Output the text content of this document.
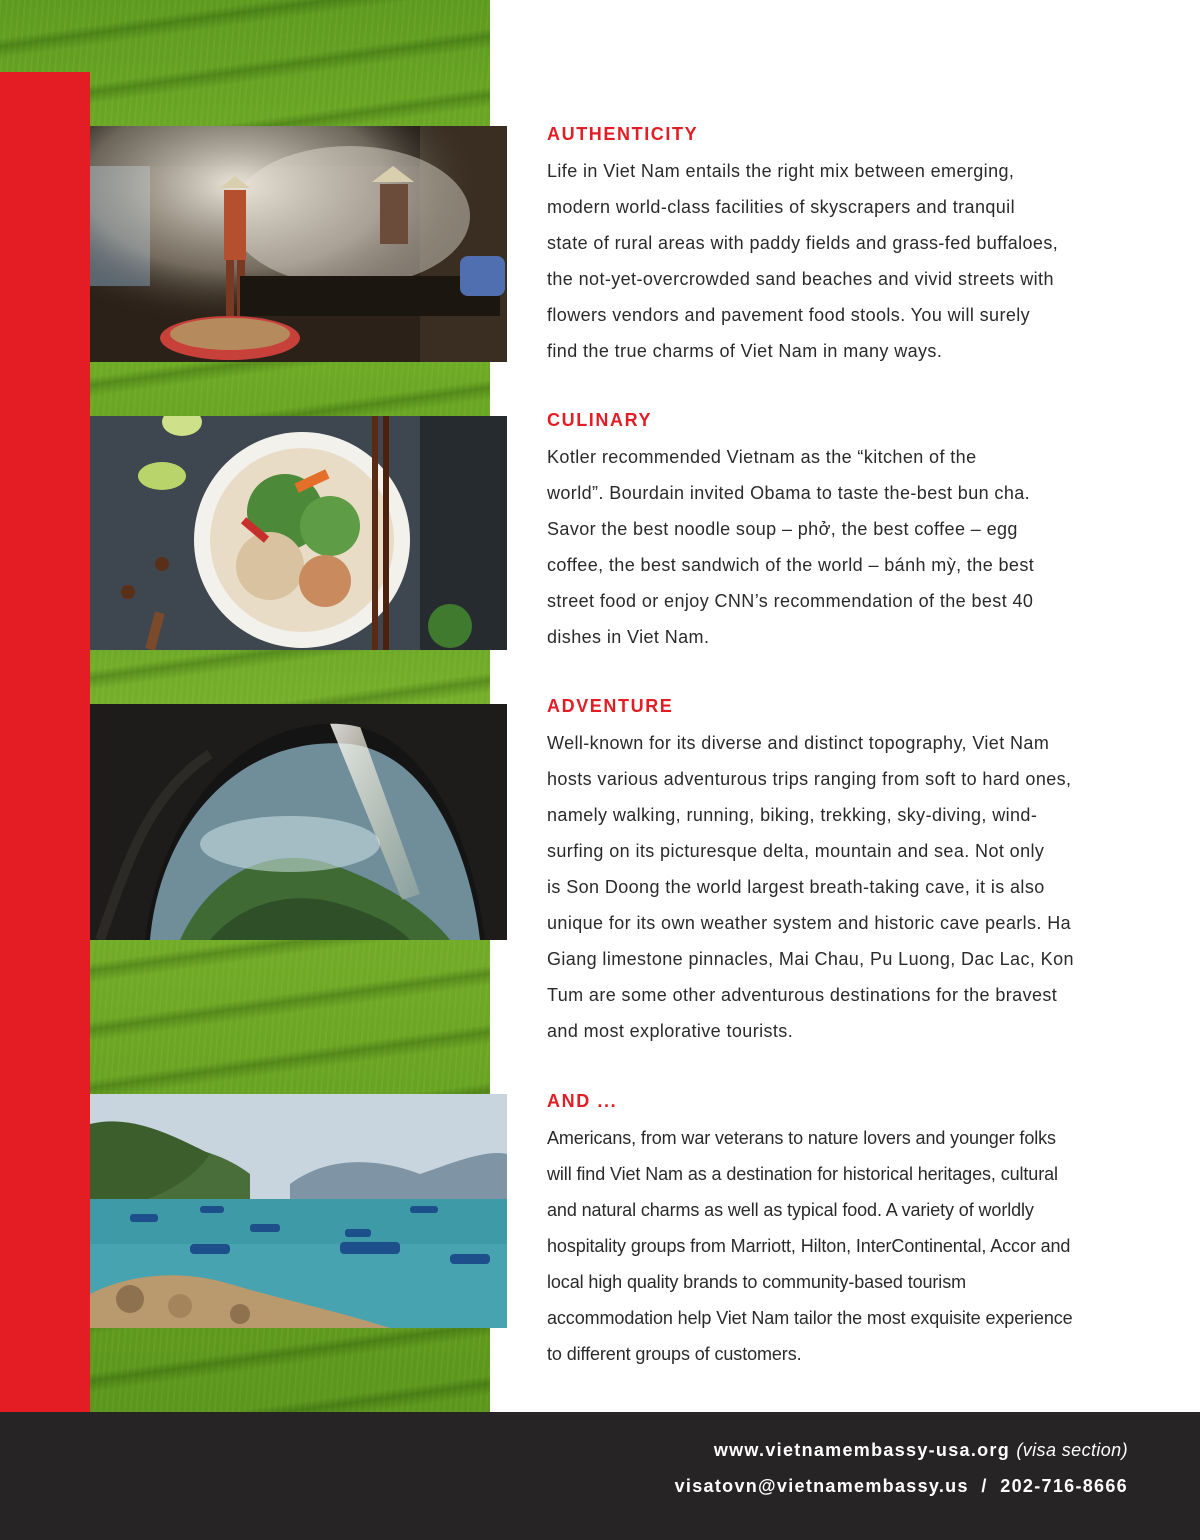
AUTHENTICITY

Life in Viet Nam entails the right mix between emerging,
modern world-class facilities of skyscrapers and tranquil
state of rural areas with paddy fields and grass-fed buffaloes,
the not-yet-overcrowded sand beaches and vivid streets with
flowers vendors and pavement food stools. You will surely
find the true charms of Viet Nam in many ways.

CULINARY

Kotler recommended Vietnam as the “kitchen of the
world”. Bourdain invited Obama to taste the-best bun cha.
Savor the best noodle soup – phở, the best coffee – egg
coffee, the best sandwich of the world – bánh mỳ, the best
street food or enjoy CNN’s recommendation of the best 40
dishes in Viet Nam.

ADVENTURE

Well-known for its diverse and distinct topography, Viet Nam
hosts various adventurous trips ranging from soft to hard ones,
namely walking, running, biking, trekking, sky-diving, wind-
surfing on its picturesque delta, mountain and sea. Not only
is Son Doong the world largest breath-taking cave, it is also
unique for its own weather system and historic cave pearls. Ha
Giang limestone pinnacles, Mai Chau, Pu Luong, Dac Lac, Kon
Tum are some other adventurous destinations for the bravest
and most explorative tourists.

AND ...

Americans, from war veterans to nature lovers and younger folks
will find Viet Nam as a destination for historical heritages, cultural
and natural charms as well as typical food. A variety of worldly
hospitality groups from Marriott, Hilton, InterContinental, Accor and
local high quality brands to community-based tourism
accommodation help Viet Nam tailor the most exquisite experience
to different groups of customers.

www.vietnamembassy-usa.org (visa section)
visatovn@vietnamembassy.us / 202-716-8666
